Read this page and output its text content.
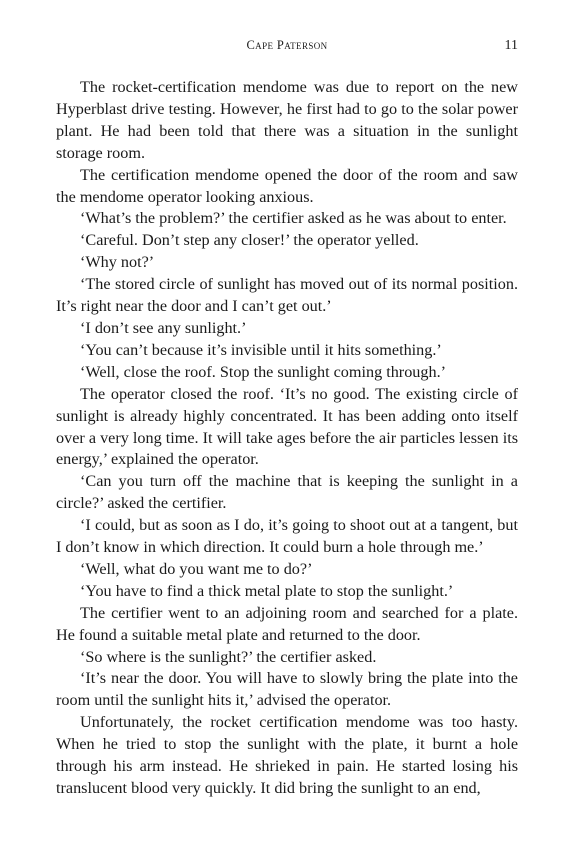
Cape Paterson	11

The rocket-certification mendome was due to report on the new Hyperblast drive testing. However, he first had to go to the solar power plant. He had been told that there was a situation in the sunlight storage room.

The certification mendome opened the door of the room and saw the mendome operator looking anxious.

‘What’s the problem?’ the certifier asked as he was about to enter.

‘Careful. Don’t step any closer!’ the operator yelled.

‘Why not?’

‘The stored circle of sunlight has moved out of its normal position. It’s right near the door and I can’t get out.’

‘I don’t see any sunlight.’

‘You can’t because it’s invisible until it hits something.’

‘Well, close the roof. Stop the sunlight coming through.’

The operator closed the roof. ‘It’s no good. The existing circle of sunlight is already highly concentrated. It has been adding onto itself over a very long time. It will take ages before the air particles lessen its energy,’ explained the operator.

‘Can you turn off the machine that is keeping the sunlight in a circle?’ asked the certifier.

‘I could, but as soon as I do, it’s going to shoot out at a tangent, but I don’t know in which direction. It could burn a hole through me.’

‘Well, what do you want me to do?’

‘You have to find a thick metal plate to stop the sunlight.’

The certifier went to an adjoining room and searched for a plate. He found a suitable metal plate and returned to the door.

‘So where is the sunlight?’ the certifier asked.

‘It’s near the door. You will have to slowly bring the plate into the room until the sunlight hits it,’ advised the operator.

Unfortunately, the rocket certification mendome was too hasty. When he tried to stop the sunlight with the plate, it burnt a hole through his arm instead. He shrieked in pain. He started losing his translucent blood very quickly. It did bring the sunlight to an end,
